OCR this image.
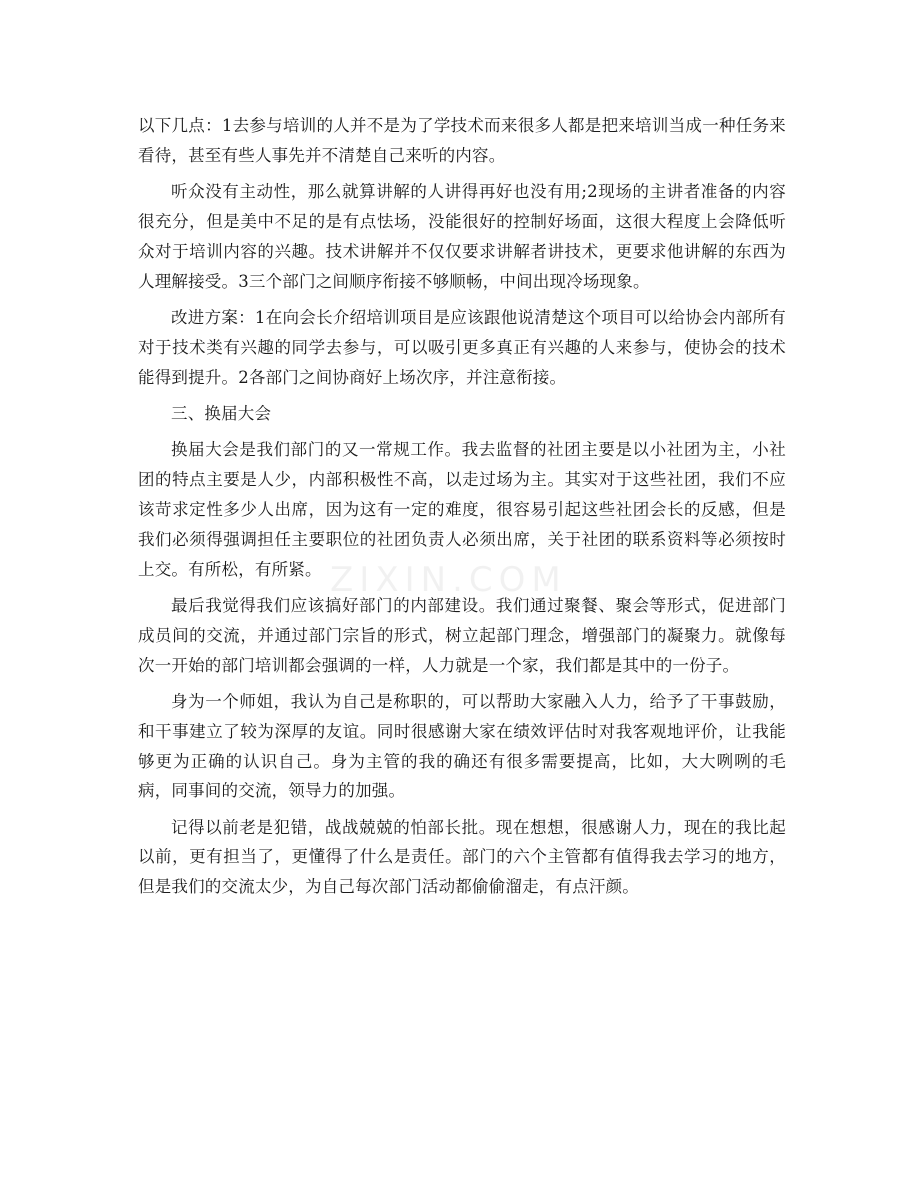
ZIXIN.COM

以下几点：1去参与培训的人并不是为了学技术而来很多人都是把来培训当成一种任务来看待，甚至有些人事先并不清楚自己来听的内容。

听众没有主动性，那么就算讲解的人讲得再好也没有用;2现场的主讲者准备的内容很充分，但是美中不足的是有点怯场，没能很好的控制好场面，这很大程度上会降低听众对于培训内容的兴趣。技术讲解并不仅仅要求讲解者讲技术，更要求他讲解的东西为人理解接受。3三个部门之间顺序衔接不够顺畅，中间出现冷场现象。

改进方案：1在向会长介绍培训项目是应该跟他说清楚这个项目可以给协会内部所有对于技术类有兴趣的同学去参与，可以吸引更多真正有兴趣的人来参与，使协会的技术能得到提升。2各部门之间协商好上场次序，并注意衔接。

三、换届大会

换届大会是我们部门的又一常规工作。我去监督的社团主要是以小社团为主，小社团的特点主要是人少，内部积极性不高，以走过场为主。其实对于这些社团，我们不应该苛求定性多少人出席，因为这有一定的难度，很容易引起这些社团会长的反感，但是我们必须得强调担任主要职位的社团负责人必须出席，关于社团的联系资料等必须按时上交。有所松，有所紧。

最后我觉得我们应该搞好部门的内部建设。我们通过聚餐、聚会等形式，促进部门成员间的交流，并通过部门宗旨的形式，树立起部门理念，增强部门的凝聚力。就像每次一开始的部门培训都会强调的一样，人力就是一个家，我们都是其中的一份子。

身为一个师姐，我认为自己是称职的，可以帮助大家融入人力，给予了干事鼓励，和干事建立了较为深厚的友谊。同时很感谢大家在绩效评估时对我客观地评价，让我能够更为正确的认识自己。身为主管的我的确还有很多需要提高，比如，大大咧咧的毛病，同事间的交流，领导力的加强。

记得以前老是犯错，战战兢兢的怕部长批。现在想想，很感谢人力，现在的我比起以前，更有担当了，更懂得了什么是责任。部门的六个主管都有值得我去学习的地方，但是我们的交流太少，为自己每次部门活动都偷偷溜走，有点汗颜。
